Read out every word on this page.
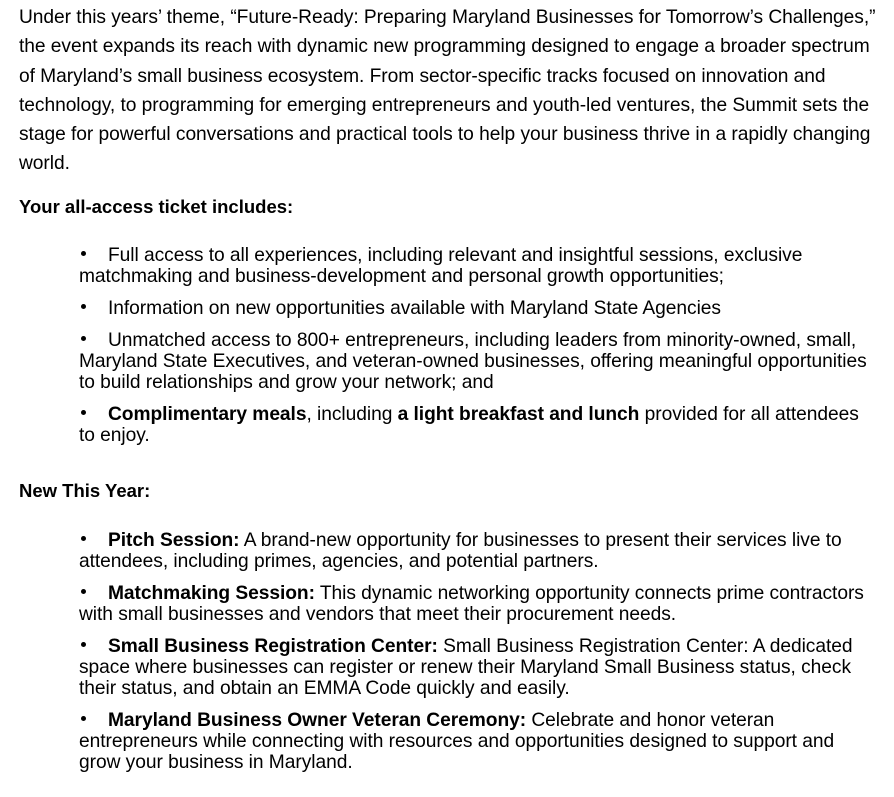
Under this years’ theme, “Future-Ready: Preparing Maryland Businesses for Tomorrow’s Challenges,” the event expands its reach with dynamic new programming designed to engage a broader spectrum of Maryland’s small business ecosystem. From sector-specific tracks focused on innovation and technology, to programming for emerging entrepreneurs and youth-led ventures, the Summit sets the stage for powerful conversations and practical tools to help your business thrive in a rapidly changing world.

Your all-access ticket includes:
Full access to all experiences, including relevant and insightful sessions, exclusive matchmaking and business-development and personal growth opportunities;
Information on new opportunities available with Maryland State Agencies
Unmatched access to 800+ entrepreneurs, including leaders from minority-owned, small, Maryland State Executives, and veteran-owned businesses, offering meaningful opportunities to build relationships and grow your network; and
Complimentary meals, including a light breakfast and lunch provided for all attendees to enjoy.
New This Year:
Pitch Session: A brand-new opportunity for businesses to present their services live to attendees, including primes, agencies, and potential partners.
Matchmaking Session: This dynamic networking opportunity connects prime contractors with small businesses and vendors that meet their procurement needs.
Small Business Registration Center: Small Business Registration Center: A dedicated space where businesses can register or renew their Maryland Small Business status, check their status, and obtain an EMMA Code quickly and easily.
Maryland Business Owner Veteran Ceremony: Celebrate and honor veteran entrepreneurs while connecting with resources and opportunities designed to support and grow your business in Maryland.
